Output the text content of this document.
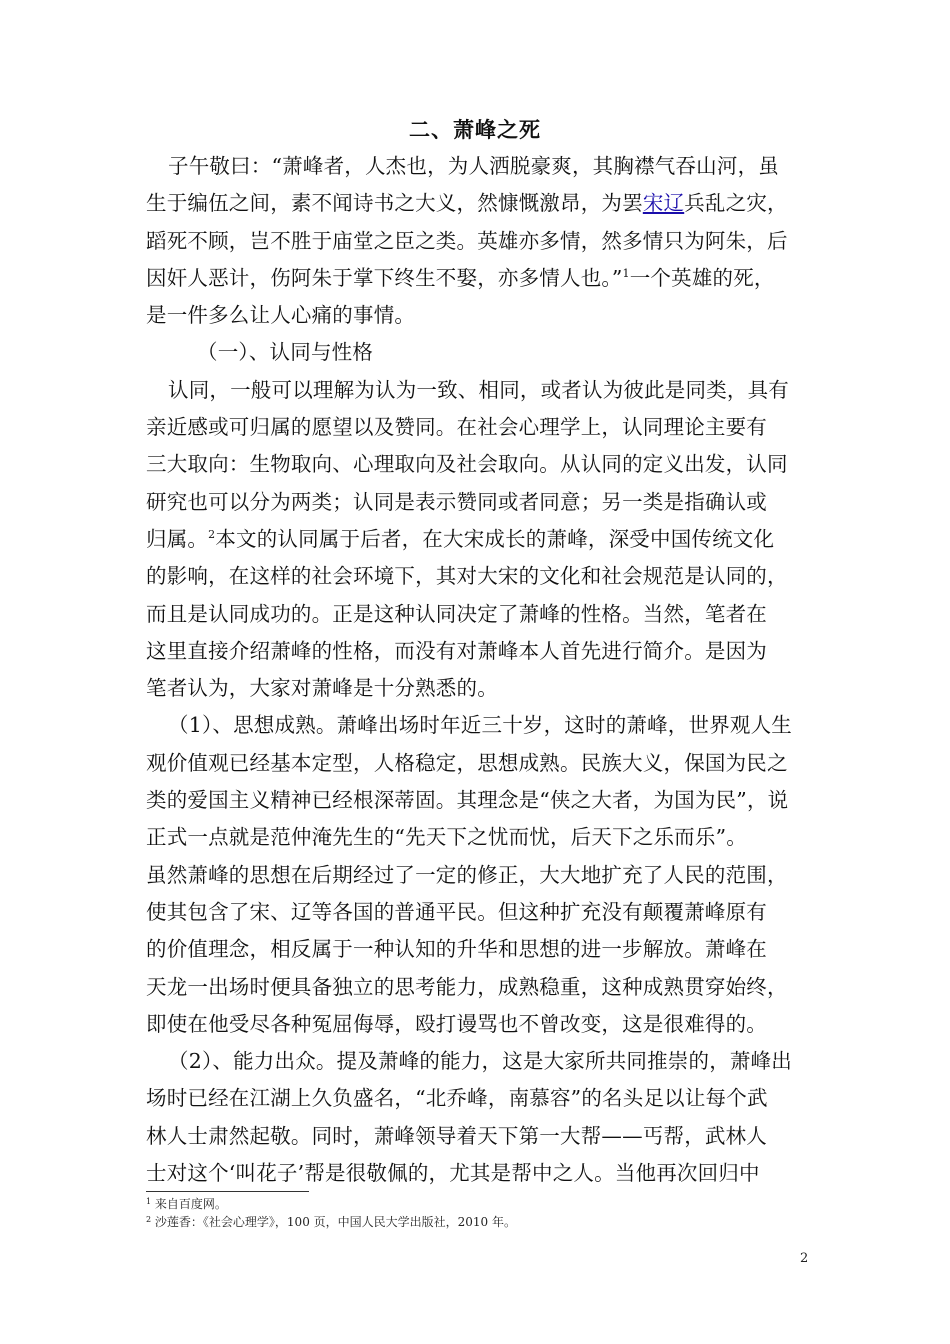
二、萧峰之死
子午敬曰：“萧峰者，人杰也，为人洒脱豪爽，其胸襟气吞山河，虽
生于编伍之间，素不闻诗书之大义，然慷慨激昂，为罢宋辽兵乱之灾，
蹈死不顾，岂不胜于庙堂之臣之类。英雄亦多情，然多情只为阿朱，后
因奸人恶计，伤阿朱于掌下终生不娶，亦多情人也。”$^1$一个英雄的死，
是一件多么让人心痛的事情。
（一）、认同与性格
认同，一般可以理解为认为一致、相同，或者认为彼此是同类，具有
亲近感或可归属的愿望以及赞同。在社会心理学上，认同理论主要有
三大取向：生物取向、心理取向及社会取向。从认同的定义出发，认同
研究也可以分为两类；认同是表示赞同或者同意；另一类是指确认或
归属。$^2$本文的认同属于后者，在大宋成长的萧峰，深受中国传统文化
的影响，在这样的社会环境下，其对大宋的文化和社会规范是认同的，
而且是认同成功的。正是这种认同决定了萧峰的性格。当然，笔者在
这里直接介绍萧峰的性格，而没有对萧峰本人首先进行简介。是因为
笔者认为，大家对萧峰是十分熟悉的。
（1）、思想成熟。萧峰出场时年近三十岁，这时的萧峰，世界观人生
观价值观已经基本定型，人格稳定，思想成熟。民族大义，保国为民之
类的爱国主义精神已经根深蒂固。其理念是“侠之大者，为国为民”，说
正式一点就是范仲淹先生的“先天下之忧而忧，后天下之乐而乐”。
虽然萧峰的思想在后期经过了一定的修正，大大地扩充了人民的范围，
使其包含了宋、辽等各国的普通平民。但这种扩充没有颠覆萧峰原有
的价值理念，相反属于一种认知的升华和思想的进一步解放。萧峰在
天龙一出场时便具备独立的思考能力，成熟稳重，这种成熟贯穿始终，
即使在他受尽各种冤屈侮辱，殴打谩骂也不曾改变，这是很难得的。
（2）、能力出众。提及萧峰的能力，这是大家所共同推崇的，萧峰出
场时已经在江湖上久负盛名，“北乔峰，南慕容”的名头足以让每个武
林人士肃然起敬。同时，萧峰领导着天下第一大帮——丐帮，武林人
士对这个‘叫花子’帮是很敬佩的，尤其是帮中之人。当他再次回归中
$^1$ 来自百度网。
$^2$ 沙莲香：《社会心理学》，100 页，中国人民大学出版社，2010 年。
2
